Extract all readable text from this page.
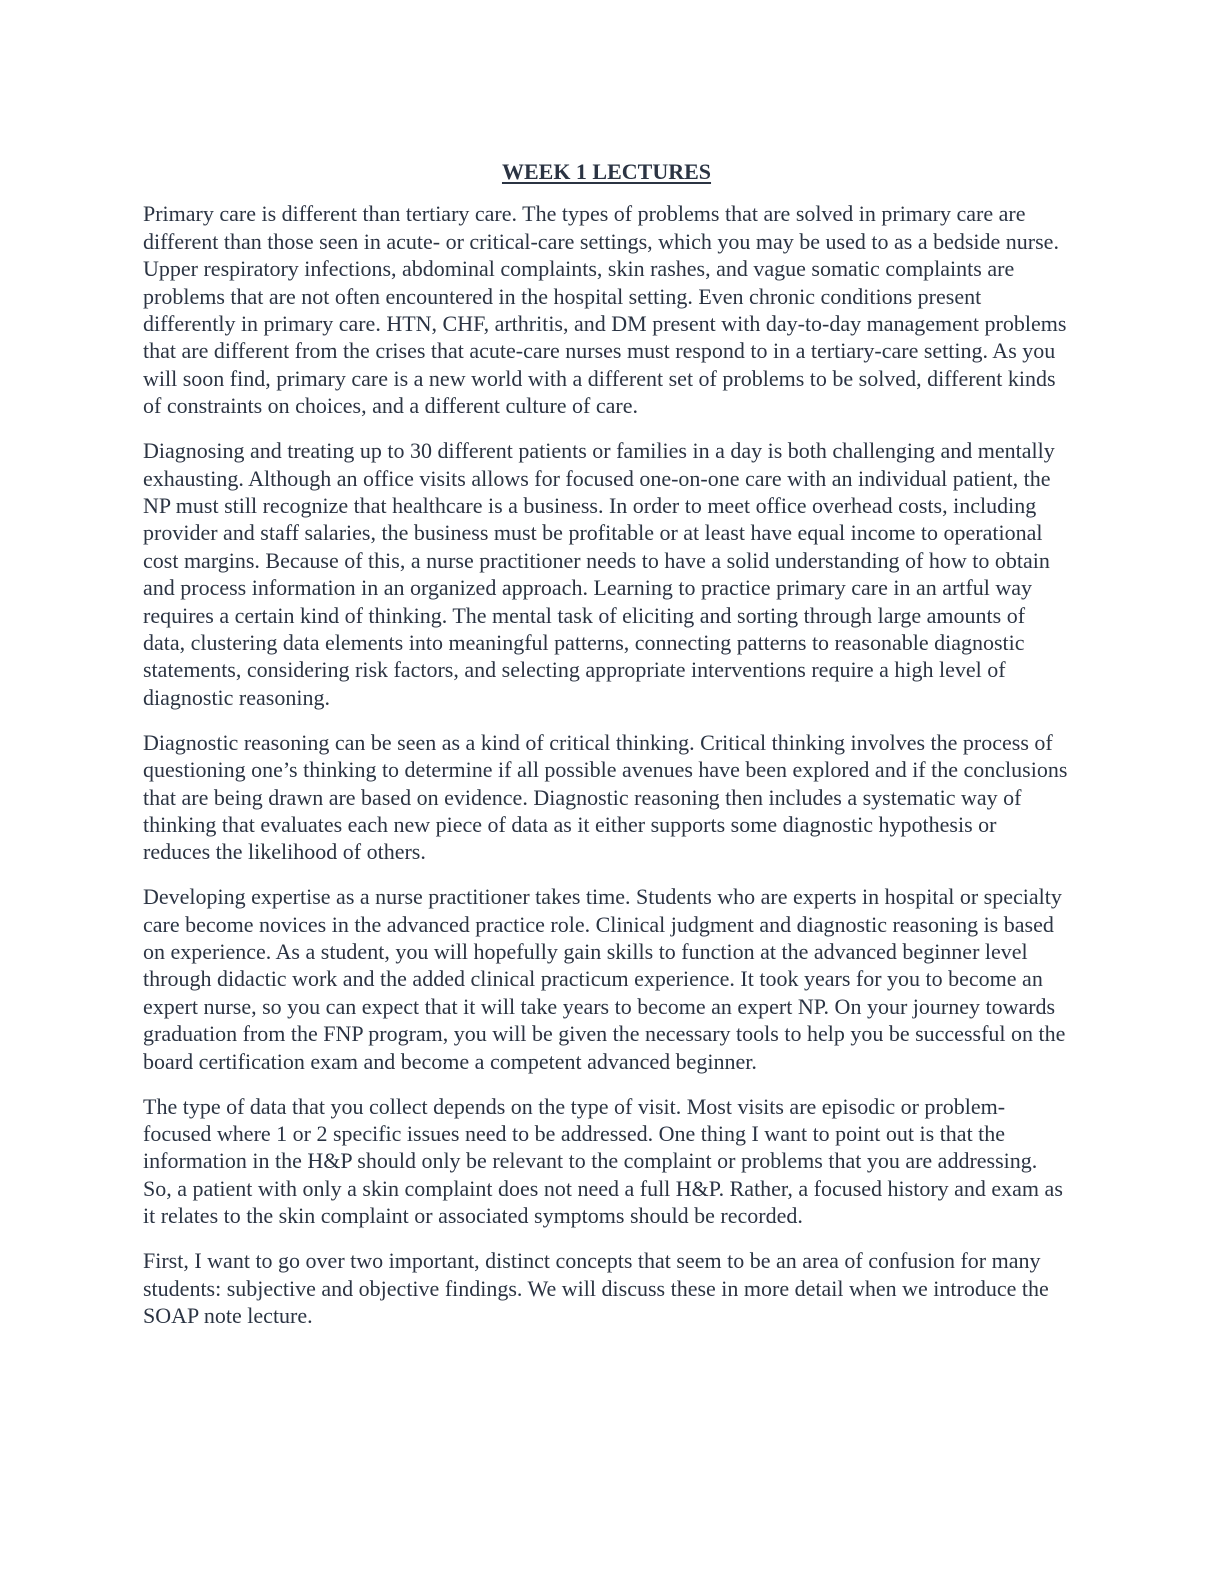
WEEK 1 LECTURES

Primary care is different than tertiary care. The types of problems that are solved in primary care are different than those seen in acute- or critical-care settings, which you may be used to as a bedside nurse. Upper respiratory infections, abdominal complaints, skin rashes, and vague somatic complaints are problems that are not often encountered in the hospital setting. Even chronic conditions present differently in primary care. HTN, CHF, arthritis, and DM present with day-to-day management problems that are different from the crises that acute-care nurses must respond to in a tertiary-care setting. As you will soon find, primary care is a new world with a different set of problems to be solved, different kinds of constraints on choices, and a different culture of care.

Diagnosing and treating up to 30 different patients or families in a day is both challenging and mentally exhausting. Although an office visits allows for focused one-on-one care with an individual patient, the NP must still recognize that healthcare is a business. In order to meet office overhead costs, including provider and staff salaries, the business must be profitable or at least have equal income to operational cost margins. Because of this, a nurse practitioner needs to have a solid understanding of how to obtain and process information in an organized approach. Learning to practice primary care in an artful way requires a certain kind of thinking. The mental task of eliciting and sorting through large amounts of data, clustering data elements into meaningful patterns, connecting patterns to reasonable diagnostic statements, considering risk factors, and selecting appropriate interventions require a high level of diagnostic reasoning.

Diagnostic reasoning can be seen as a kind of critical thinking. Critical thinking involves the process of questioning one’s thinking to determine if all possible avenues have been explored and if the conclusions that are being drawn are based on evidence. Diagnostic reasoning then includes a systematic way of thinking that evaluates each new piece of data as it either supports some diagnostic hypothesis or reduces the likelihood of others.

Developing expertise as a nurse practitioner takes time. Students who are experts in hospital or specialty care become novices in the advanced practice role. Clinical judgment and diagnostic reasoning is based on experience. As a student, you will hopefully gain skills to function at the advanced beginner level through didactic work and the added clinical practicum experience. It took years for you to become an expert nurse, so you can expect that it will take years to become an expert NP. On your journey towards graduation from the FNP program, you will be given the necessary tools to help you be successful on the board certification exam and become a competent advanced beginner.

The type of data that you collect depends on the type of visit. Most visits are episodic or problem-focused where 1 or 2 specific issues need to be addressed. One thing I want to point out is that the information in the H&P should only be relevant to the complaint or problems that you are addressing. So, a patient with only a skin complaint does not need a full H&P. Rather, a focused history and exam as it relates to the skin complaint or associated symptoms should be recorded.

First, I want to go over two important, distinct concepts that seem to be an area of confusion for many students: subjective and objective findings. We will discuss these in more detail when we introduce the SOAP note lecture.
